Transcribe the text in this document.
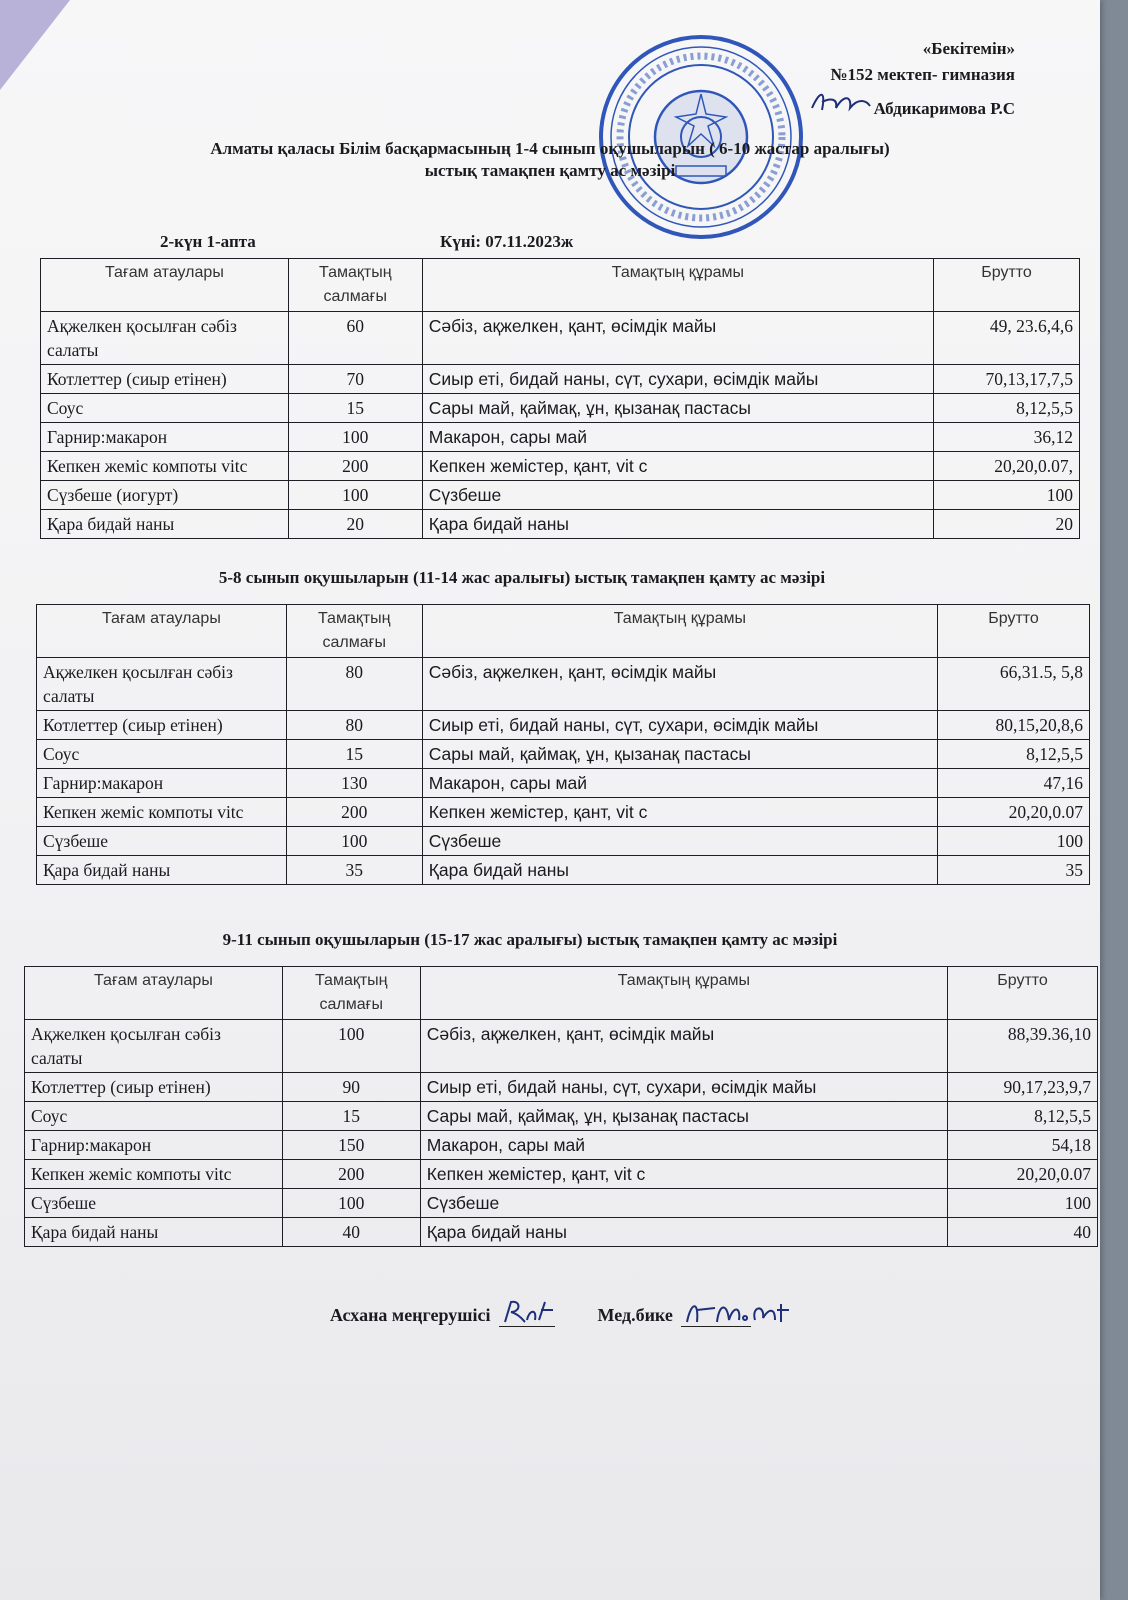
«Бекітемін»
№152 мектеп- гимназия
Абдикаримова Р.С
Алматы қаласы Білім басқармасының 1-4 сынып оқушыларын ( 6-10 жастар аралығы)
ыстық тамақпен қамту ас мәзірі
2-күн 1-апта	Күні: 07.11.2023ж
Тағам атаулары	Тамақтың салмағы	Тамақтың құрамы	Брутто
Ақжелкен қосылған сәбіз салаты	60	Сәбіз, ақжелкен, қант, өсімдік майы	49, 23.6,4,6
Котлеттер (сиыр етінен)	70	Сиыр еті, бидай наны, сүт, сухари, өсімдік майы	70,13,17,7,5
Соус	15	Сары май, қаймақ, ұн, қызанақ пастасы	8,12,5,5
Гарнир:макарон	100	Макарон, сары май	36,12
Кепкен жеміс компоты vitc	200	Кепкен жемістер, қант, vit c	20,20,0.07,
Сүзбеше (иогурт)	100	Сүзбеше	100
Қара бидай наны	20	Қара бидай наны	20
5-8 сынып оқушыларын (11-14 жас аралығы) ыстық тамақпен қамту ас мәзірі
Тағам атаулары	Тамақтың салмағы	Тамақтың құрамы	Брутто
Ақжелкен қосылған сәбіз салаты	80	Сәбіз, ақжелкен, қант, өсімдік майы	66,31.5, 5,8
Котлеттер (сиыр етінен)	80	Сиыр еті, бидай наны, сүт, сухари, өсімдік майы	80,15,20,8,6
Соус	15	Сары май, қаймақ, ұн, қызанақ пастасы	8,12,5,5
Гарнир:макарон	130	Макарон, сары май	47,16
Кепкен жеміс компоты vitc	200	Кепкен жемістер, қант, vit c	20,20,0.07
Сүзбеше	100	Сүзбеше	100
Қара бидай наны	35	Қара бидай наны	35
9-11 сынып оқушыларын (15-17 жас аралығы) ыстық тамақпен қамту ас мәзірі
Тағам атаулары	Тамақтың салмағы	Тамақтың құрамы	Брутто
Ақжелкен қосылған сәбіз салаты	100	Сәбіз, ақжелкен, қант, өсімдік майы	88,39.36,10
Котлеттер (сиыр етінен)	90	Сиыр еті, бидай наны, сүт, сухари, өсімдік майы	90,17,23,9,7
Соус	15	Сары май, қаймақ, ұн, қызанақ пастасы	8,12,5,5
Гарнир:макарон	150	Макарон, сары май	54,18
Кепкен жеміс компоты vitc	200	Кепкен жемістер, қант, vit c	20,20,0.07
Сүзбеше	100	Сүзбеше	100
Қара бидай наны	40	Қара бидай наны	40
Асхана меңгерушісі	Мед.бике
